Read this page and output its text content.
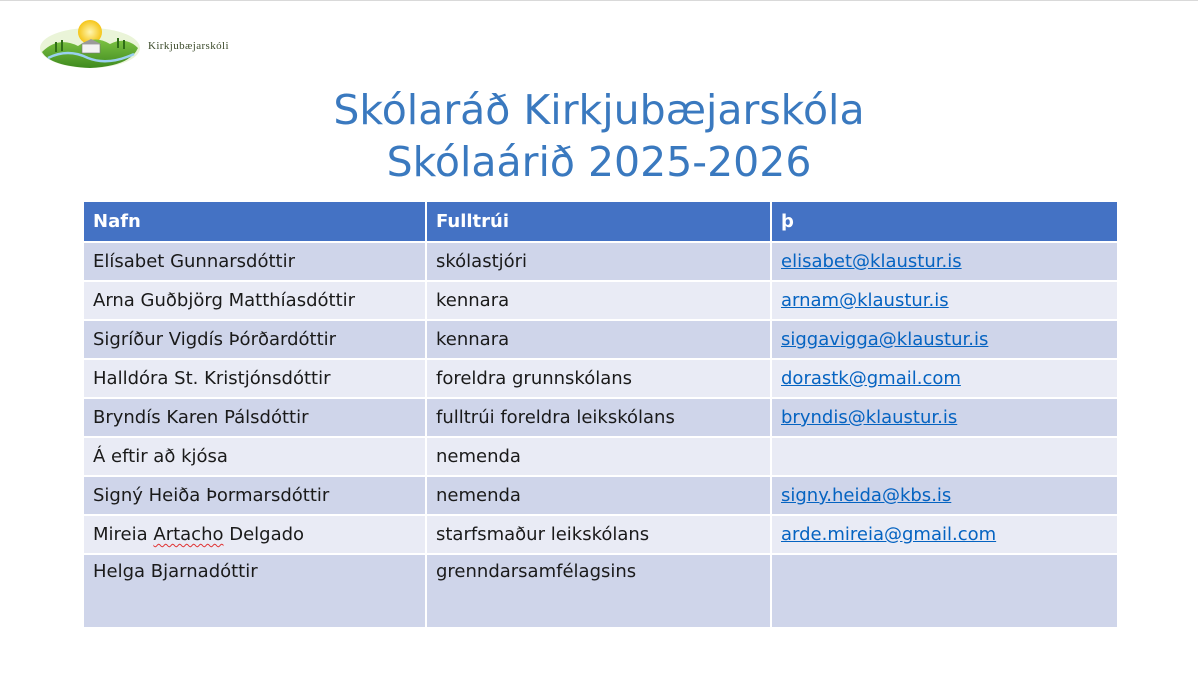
Kirkjubæjarskóli
Skólaráð Kirkjubæjarskóla
Skólaárið 2025-2026
Nafn	Fulltrúi	þ
Elísabet Gunnarsdóttir	skólastjóri	elisabet@klaustur.is
Arna Guðbjörg Matthíasdóttir	kennara	arnam@klaustur.is
Sigríður Vigdís Þórðardóttir	kennara	siggavigga@klaustur.is
Halldóra St. Kristjónsdóttir	foreldra grunnskólans	dorastk@gmail.com
Bryndís Karen Pálsdóttir	fulltrúi foreldra leikskólans	bryndis@klaustur.is
Á eftir að kjósa	nemenda	
Signý Heiða Þormarsdóttir	nemenda	signy.heida@kbs.is
Mireia Artacho Delgado	starfsmaður leikskólans	arde.mireia@gmail.com
Helga Bjarnadóttir	grenndarsamfélagsins	
